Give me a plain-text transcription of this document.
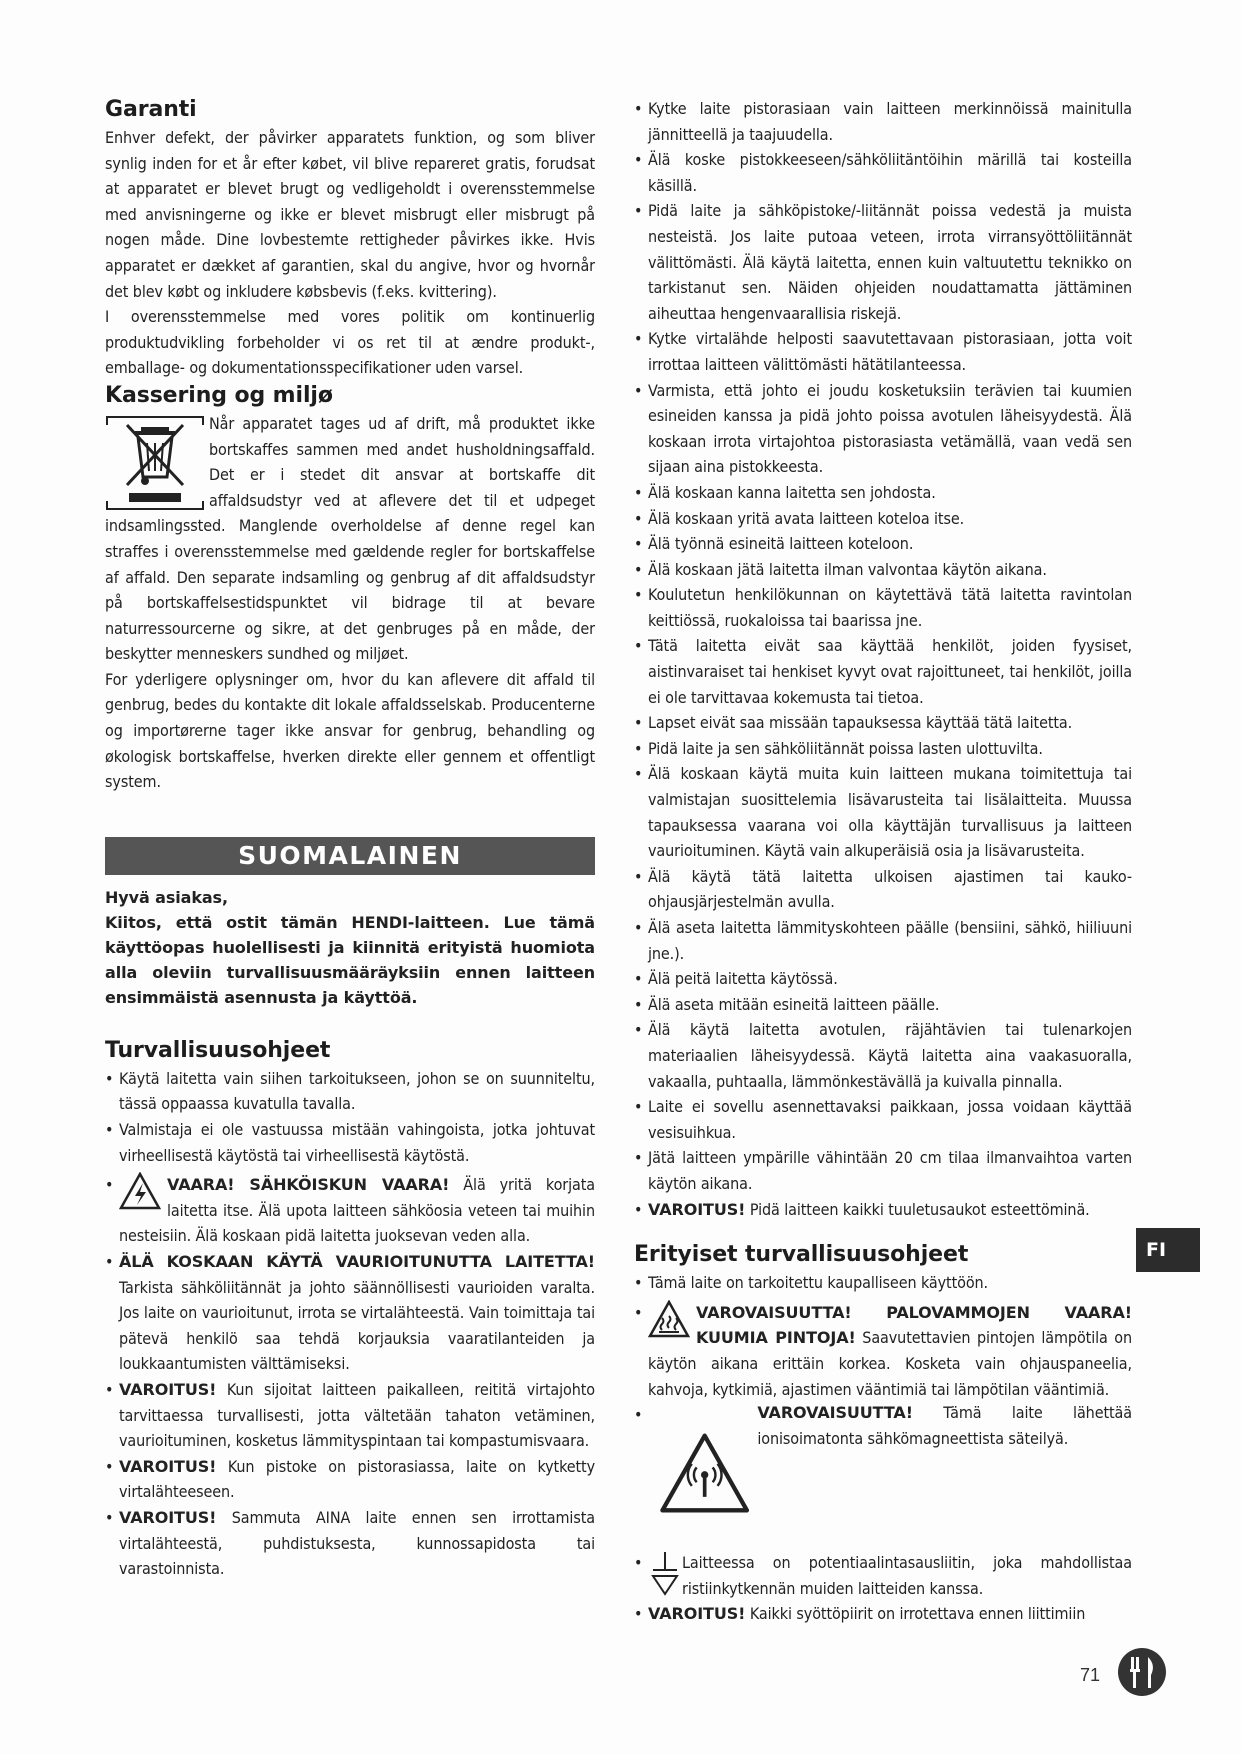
Garanti

Enhver defekt, der påvirker apparatets funktion, og som bliver synlig inden for et år efter købet, vil blive repareret gratis, forudsat at apparatet er blevet brugt og vedligeholdt i overensstemmelse med anvisningerne og ikke er blevet misbrugt eller misbrugt på nogen måde. Dine lovbestemte rettigheder påvirkes ikke. Hvis apparatet er dækket af garantien, skal du angive, hvor og hvornår det blev købt og inkludere købsbevis (f.eks. kvittering).

I overensstemmelse med vores politik om kontinuerlig produktudvikling forbeholder vi os ret til at ændre produkt-, emballage- og dokumentationsspecifikationer uden varsel.

Kassering og miljø

Når apparatet tages ud af drift, må produktet ikke bortskaffes sammen med andet husholdningsaffald. Det er i stedet dit ansvar at bortskaffe dit affaldsudstyr ved at aflevere det til et udpeget indsamlingssted. Manglende overholdelse af denne regel kan straffes i overensstemmelse med gældende regler for bortskaffelse af affald. Den separate indsamling og genbrug af dit affaldsudstyr på bortskaffelsestidspunktet vil bidrage til at bevare naturressourcerne og sikre, at det genbruges på en måde, der beskytter menneskers sundhed og miljøet.

For yderligere oplysninger om, hvor du kan aflevere dit affald til genbrug, bedes du kontakte dit lokale affaldsselskab. Producenterne og importørerne tager ikke ansvar for genbrug, behandling og økologisk bortskaffelse, hverken direkte eller gennem et offentligt system.

SUOMALAINEN

Hyvä asiakas,

Kiitos, että ostit tämän HENDI-laitteen. Lue tämä käyttöopas huolellisesti ja kiinnitä erityistä huomiota alla oleviin turvallisuusmääräyksiin ennen laitteen ensimmäistä asennusta ja käyttöä.

Turvallisuusohjeet
• Käytä laitetta vain siihen tarkoitukseen, johon se on suunniteltu, tässä oppaassa kuvatulla tavalla.
• Valmistaja ei ole vastuussa mistään vahingoista, jotka johtuvat virheellisestä käytöstä tai virheellisestä käytöstä.
• VAARA! SÄHKÖISKUN VAARA! Älä yritä korjata laitetta itse. Älä upota laitteen sähköosia veteen tai muihin nesteisiin. Älä koskaan pidä laitetta juoksevan veden alla.
• ÄLÄ KOSKAAN KÄYTÄ VAURIOITUNUTTA LAITETTA! Tarkista sähköliitännät ja johto säännöllisesti vaurioiden varalta. Jos laite on vaurioitunut, irrota se virtalähteestä. Vain toimittaja tai pätevä henkilö saa tehdä korjauksia vaaratilanteiden ja loukkaantumisten välttämiseksi.
• VAROITUS! Kun sijoitat laitteen paikalleen, reititä virtajohto tarvittaessa turvallisesti, jotta vältetään tahaton vetäminen, vaurioituminen, kosketus lämmityspintaan tai kompastumisvaara.
• VAROITUS! Kun pistoke on pistorasiassa, laite on kytketty virtalähteeseen.
• VAROITUS! Sammuta AINA laite ennen sen irrottamista virtalähteestä, puhdistuksesta, kunnossapidosta tai varastoinnista.
• Kytke laite pistorasiaan vain laitteen merkinnöissä mainitulla jännitteellä ja taajuudella.
• Älä koske pistokkeeseen/sähköliitäntöihin märillä tai kosteilla käsillä.
• Pidä laite ja sähköpistoke/-liitännät poissa vedestä ja muista nesteistä. Jos laite putoaa veteen, irrota virransyöttöliitännät välittömästi. Älä käytä laitetta, ennen kuin valtuutettu teknikko on tarkistanut sen. Näiden ohjeiden noudattamatta jättäminen aiheuttaa hengenvaarallisia riskejä.
• Kytke virtalähde helposti saavutettavaan pistorasiaan, jotta voit irrottaa laitteen välittömästi hätätilanteessa.
• Varmista, että johto ei joudu kosketuksiin terävien tai kuumien esineiden kanssa ja pidä johto poissa avotulen läheisyydestä. Älä koskaan irrota virtajohtoa pistorasiasta vetämällä, vaan vedä sen sijaan aina pistokkeesta.
• Älä koskaan kanna laitetta sen johdosta.
• Älä koskaan yritä avata laitteen koteloa itse.
• Älä työnnä esineitä laitteen koteloon.
• Älä koskaan jätä laitetta ilman valvontaa käytön aikana.
• Koulutetun henkilökunnan on käytettävä tätä laitetta ravintolan keittiössä, ruokaloissa tai baarissa jne.
• Tätä laitetta eivät saa käyttää henkilöt, joiden fyysiset, aistinvaraiset tai henkiset kyvyt ovat rajoittuneet, tai henkilöt, joilla ei ole tarvittavaa kokemusta tai tietoa.
• Lapset eivät saa missään tapauksessa käyttää tätä laitetta.
• Pidä laite ja sen sähköliitännät poissa lasten ulottuvilta.
• Älä koskaan käytä muita kuin laitteen mukana toimitettuja tai valmistajan suosittelemia lisävarusteita tai lisälaitteita. Muussa tapauksessa vaarana voi olla käyttäjän turvallisuus ja laitteen vaurioituminen. Käytä vain alkuperäisiä osia ja lisävarusteita.
• Älä käytä tätä laitetta ulkoisen ajastimen tai kauko-ohjausjärjestelmän avulla.
• Älä aseta laitetta lämmityskohteen päälle (bensiini, sähkö, hiiliuuni jne.).
• Älä peitä laitetta käytössä.
• Älä aseta mitään esineitä laitteen päälle.
• Älä käytä laitetta avotulen, räjähtävien tai tulenarkojen materiaalien läheisyydessä. Käytä laitetta aina vaakasuoralla, vakaalla, puhtaalla, lämmönkestävällä ja kuivalla pinnalla.
• Laite ei sovellu asennettavaksi paikkaan, jossa voidaan käyttää vesisuihkua.
• Jätä laitteen ympärille vähintään 20 cm tilaa ilmanvaihtoa varten käytön aikana.
• VAROITUS! Pidä laitteen kaikki tuuletusaukot esteettöminä.
Erityiset turvallisuusohjeet
• Tämä laite on tarkoitettu kaupalliseen käyttöön.
• VAROVAISUUTTA! PALOVAMMOJEN VAARA! KUUMIA PINTOJA! Saavutettavien pintojen lämpötila on käytön aikana erittäin korkea. Kosketa vain ohjauspaneelia, kahvoja, kytkimiä, ajastimen vääntimiä tai lämpötilan vääntimiä.
• VAROVAISUUTTA! Tämä laite lähettää ionisoimatonta sähkömagneettista säteilyä.
• Laitteessa on potentiaalintasausliitin, joka mahdollistaa ristiinkytkennän muiden laitteiden kanssa.
• VAROITUS! Kaikki syöttöpiirit on irrotettava ennen liittimiin
FI
71
